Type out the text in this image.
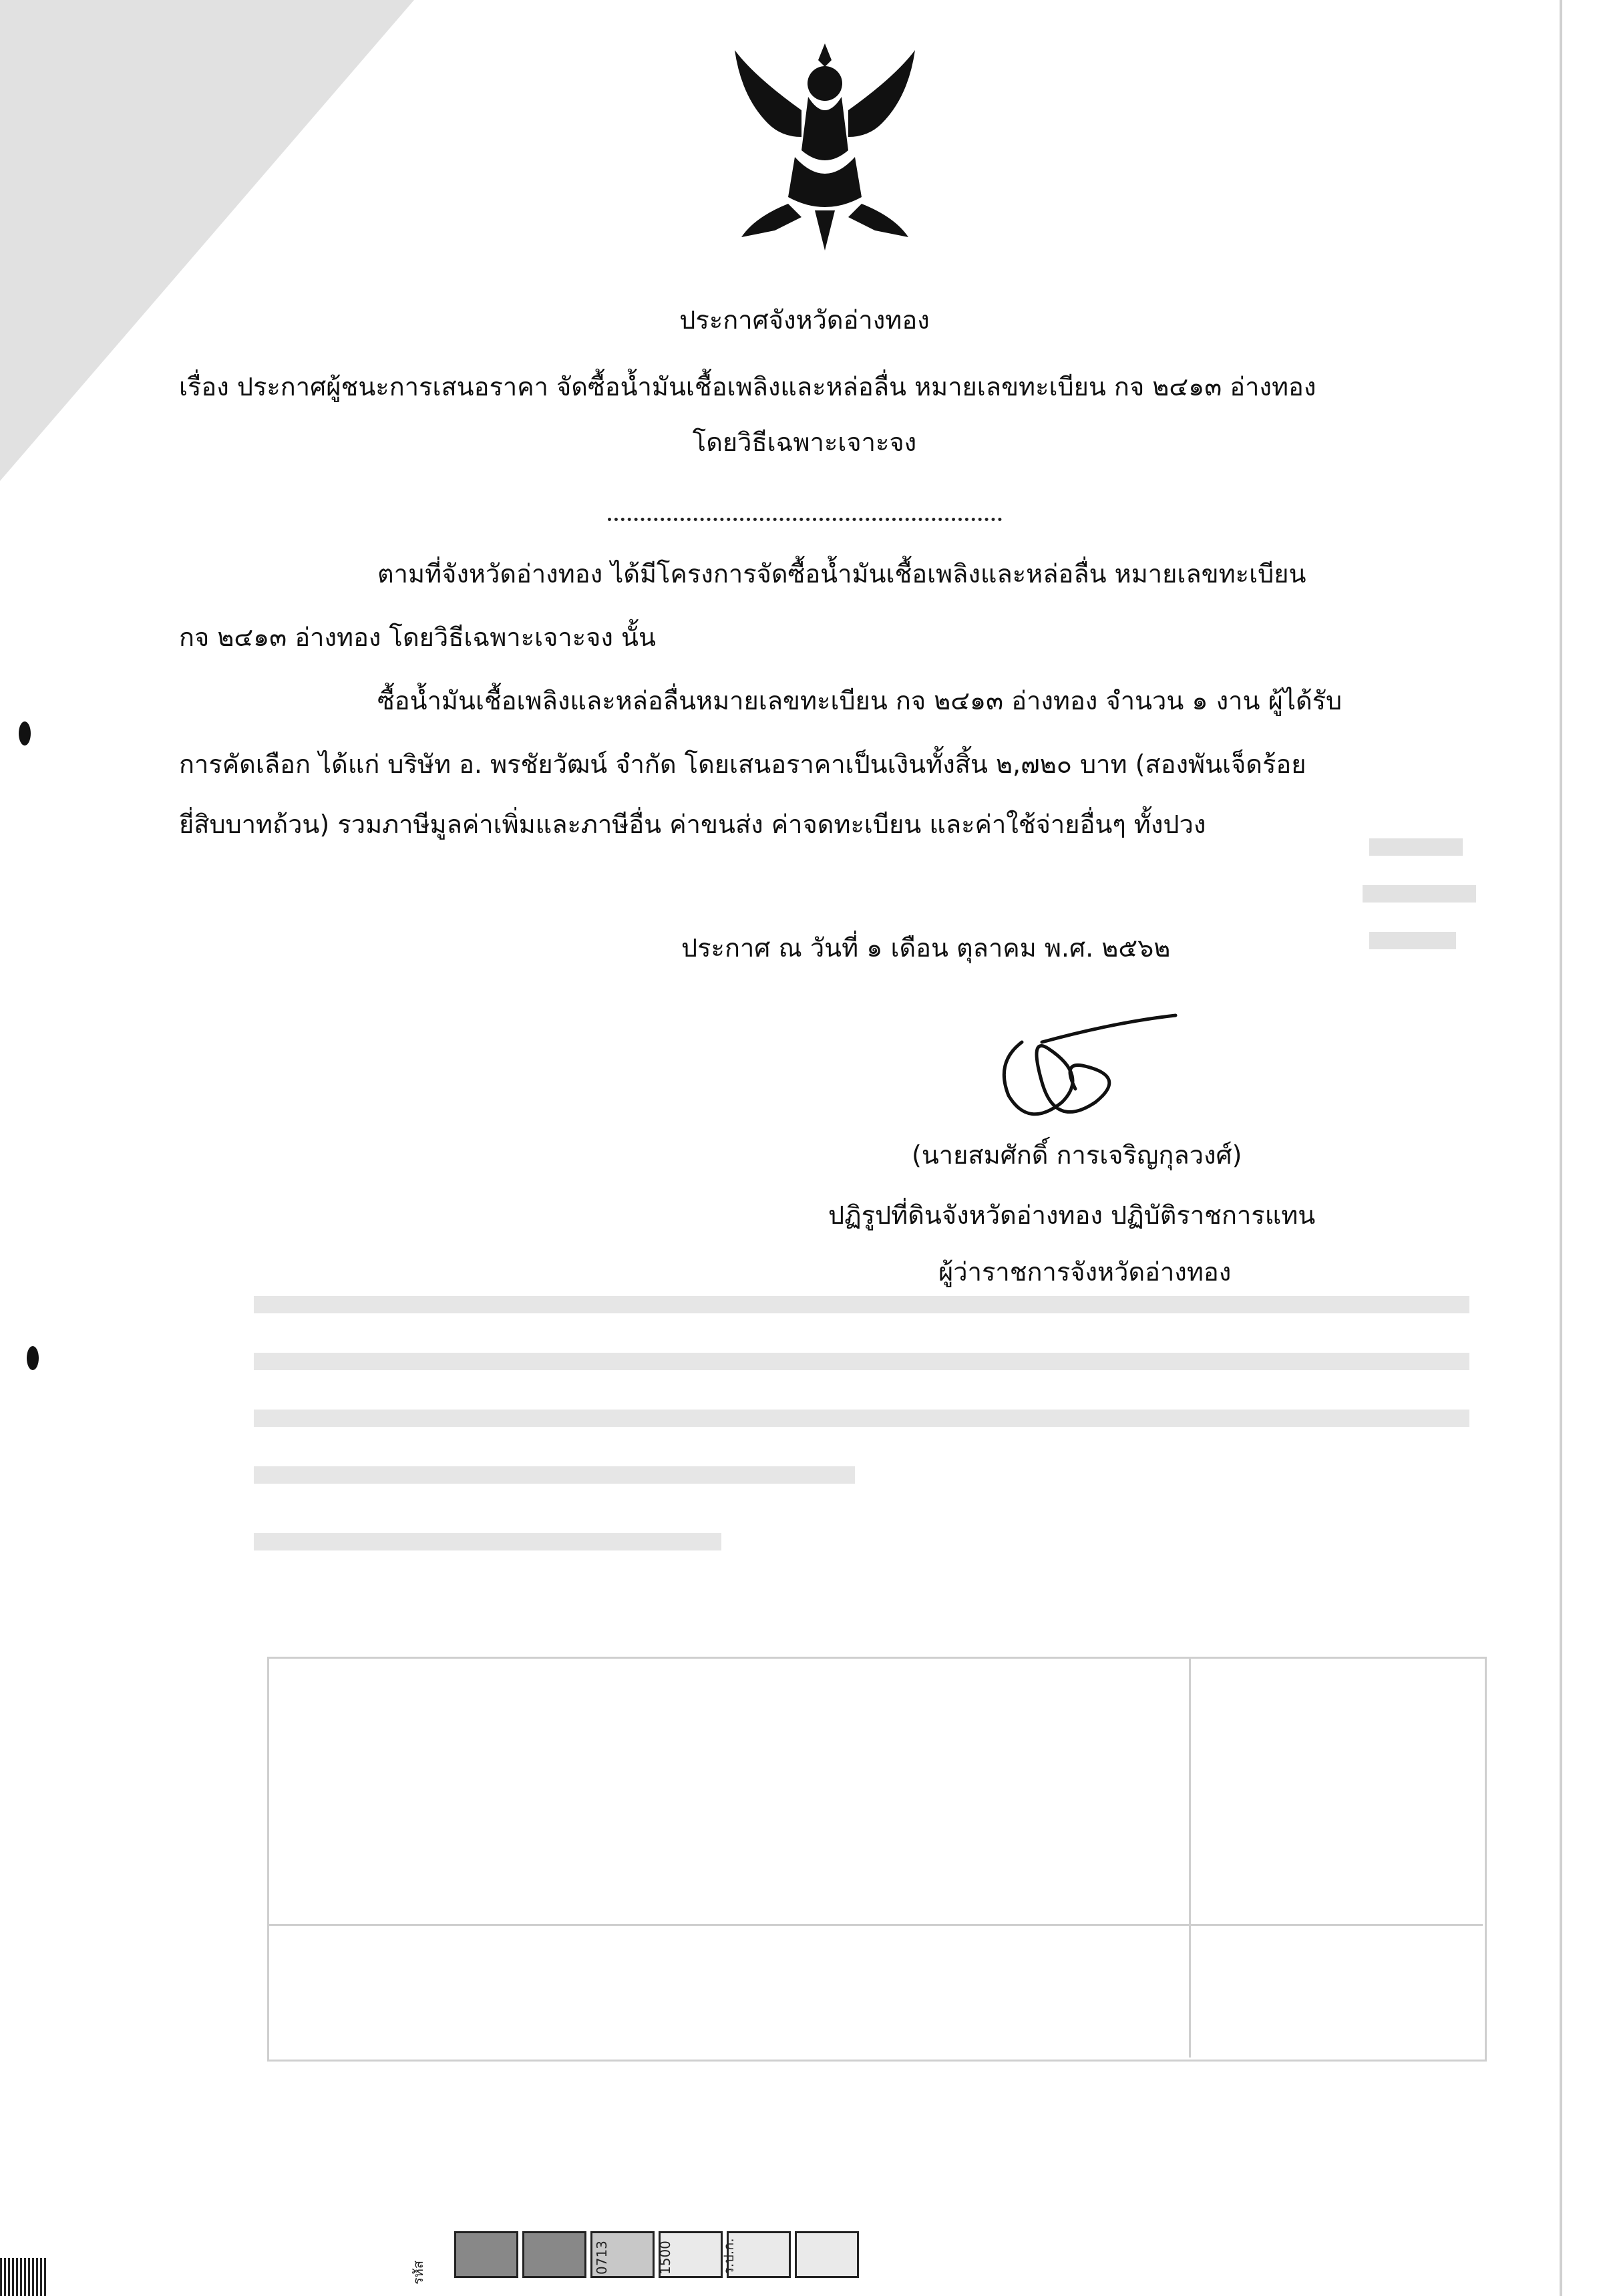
ประกาศจังหวัดอ่างทอง
เรื่อง ประกาศผู้ชนะการเสนอราคา จัดซื้อน้ำมันเชื้อเพลิงและหล่อลื่น หมายเลขทะเบียน กจ ๒๔๑๓ อ่างทอง
โดยวิธีเฉพาะเจาะจง
ตามที่จังหวัดอ่างทอง ได้มีโครงการจัดซื้อน้ำมันเชื้อเพลิงและหล่อลื่น หมายเลขทะเบียน
กจ ๒๔๑๓ อ่างทอง โดยวิธีเฉพาะเจาะจง นั้น
ซื้อน้ำมันเชื้อเพลิงและหล่อลื่นหมายเลขทะเบียน กจ ๒๔๑๓ อ่างทอง จำนวน ๑ งาน ผู้ได้รับ
การคัดเลือก ได้แก่ บริษัท อ. พรชัยวัฒน์ จำกัด โดยเสนอราคาเป็นเงินทั้งสิ้น ๒,๗๒๐ บาท (สองพันเจ็ดร้อย
ยี่สิบบาทถ้วน) รวมภาษีมูลค่าเพิ่มและภาษีอื่น ค่าขนส่ง ค่าจดทะเบียน และค่าใช้จ่ายอื่นๆ ทั้งปวง
ประกาศ ณ วันที่ ๑ เดือน ตุลาคม พ.ศ. ๒๕๖๒
(นายสมศักดิ์ การเจริญกุลวงศ์)
ปฏิรูปที่ดินจังหวัดอ่างทอง ปฏิบัติราชการแทน
ผู้ว่าราชการจังหวัดอ่างทอง
รหัส	0713	1500	ร.ป.ก.
